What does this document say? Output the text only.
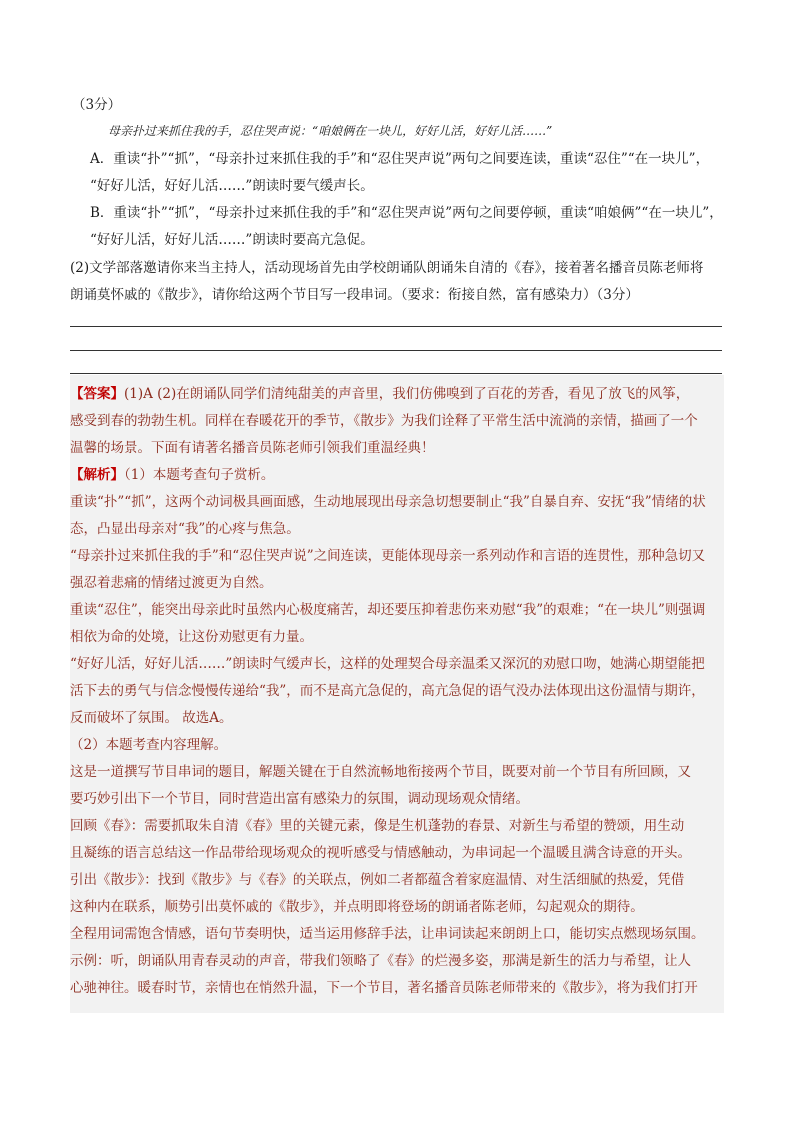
（3分）
母亲扑过来抓住我的手，忍住哭声说：“咱娘俩在一块儿，好好儿活，好好儿活……”
A．重读“扑”“抓”，“母亲扑过来抓住我的手”和“忍住哭声说”两句之间要连读，重读“忍住”“在一块儿”，
“好好儿活，好好儿活……”朗读时要气缓声长。
B．重读“扑”“抓”，“母亲扑过来抓住我的手”和“忍住哭声说”两句之间要停顿，重读“咱娘俩”“在一块儿”，
“好好儿活，好好儿活……”朗读时要高亢急促。
(2)文学部落邀请你来当主持人，活动现场首先由学校朗诵队朗诵朱自清的《春》，接着著名播音员陈老师将
朗诵莫怀戚的《散步》，请你给这两个节目写一段串词。（要求：衔接自然，富有感染力）（3分）
【答案】(1)A (2)在朗诵队同学们清纯甜美的声音里，我们仿佛嗅到了百花的芳香，看见了放飞的风筝，
感受到春的勃勃生机。同样在春暖花开的季节，《散步》为我们诠释了平常生活中流淌的亲情，描画了一个
温馨的场景。下面有请著名播音员陈老师引领我们重温经典！
【解析】（1）本题考查句子赏析。
重读“扑”“抓”，这两个动词极具画面感，生动地展现出母亲急切想要制止“我”自暴自弃、安抚“我”情绪的状
态，凸显出母亲对“我”的心疼与焦急。
“母亲扑过来抓住我的手”和“忍住哭声说”之间连读，更能体现母亲一系列动作和言语的连贯性，那种急切又
强忍着悲痛的情绪过渡更为自然。
重读“忍住”，能突出母亲此时虽然内心极度痛苦，却还要压抑着悲伤来劝慰“我”的艰难；“在一块儿”则强调
相依为命的处境，让这份劝慰更有力量。
“好好儿活，好好儿活……”朗读时气缓声长，这样的处理契合母亲温柔又深沉的劝慰口吻，她满心期望能把
活下去的勇气与信念慢慢传递给“我”，而不是高亢急促的，高亢急促的语气没办法体现出这份温情与期许，
反而破坏了氛围。 故选A。
（2）本题考查内容理解。
这是一道撰写节目串词的题目，解题关键在于自然流畅地衔接两个节目，既要对前一个节目有所回顾，又
要巧妙引出下一个节目，同时营造出富有感染力的氛围，调动现场观众情绪。
回顾《春》：需要抓取朱自清《春》里的关键元素，像是生机蓬勃的春景、对新生与希望的赞颂，用生动
且凝练的语言总结这一作品带给现场观众的视听感受与情感触动，为串词起一个温暖且满含诗意的开头。
引出《散步》：找到《散步》与《春》的关联点，例如二者都蕴含着家庭温情、对生活细腻的热爱，凭借
这种内在联系，顺势引出莫怀戚的《散步》，并点明即将登场的朗诵者陈老师，勾起观众的期待。
全程用词需饱含情感，语句节奏明快，适当运用修辞手法，让串词读起来朗朗上口，能切实点燃现场氛围。
示例：听，朗诵队用青春灵动的声音，带我们领略了《春》的烂漫多姿，那满是新生的活力与希望，让人
心驰神往。暖春时节，亲情也在悄然升温，下一个节目，著名播音员陈老师带来的《散步》，将为我们打开
